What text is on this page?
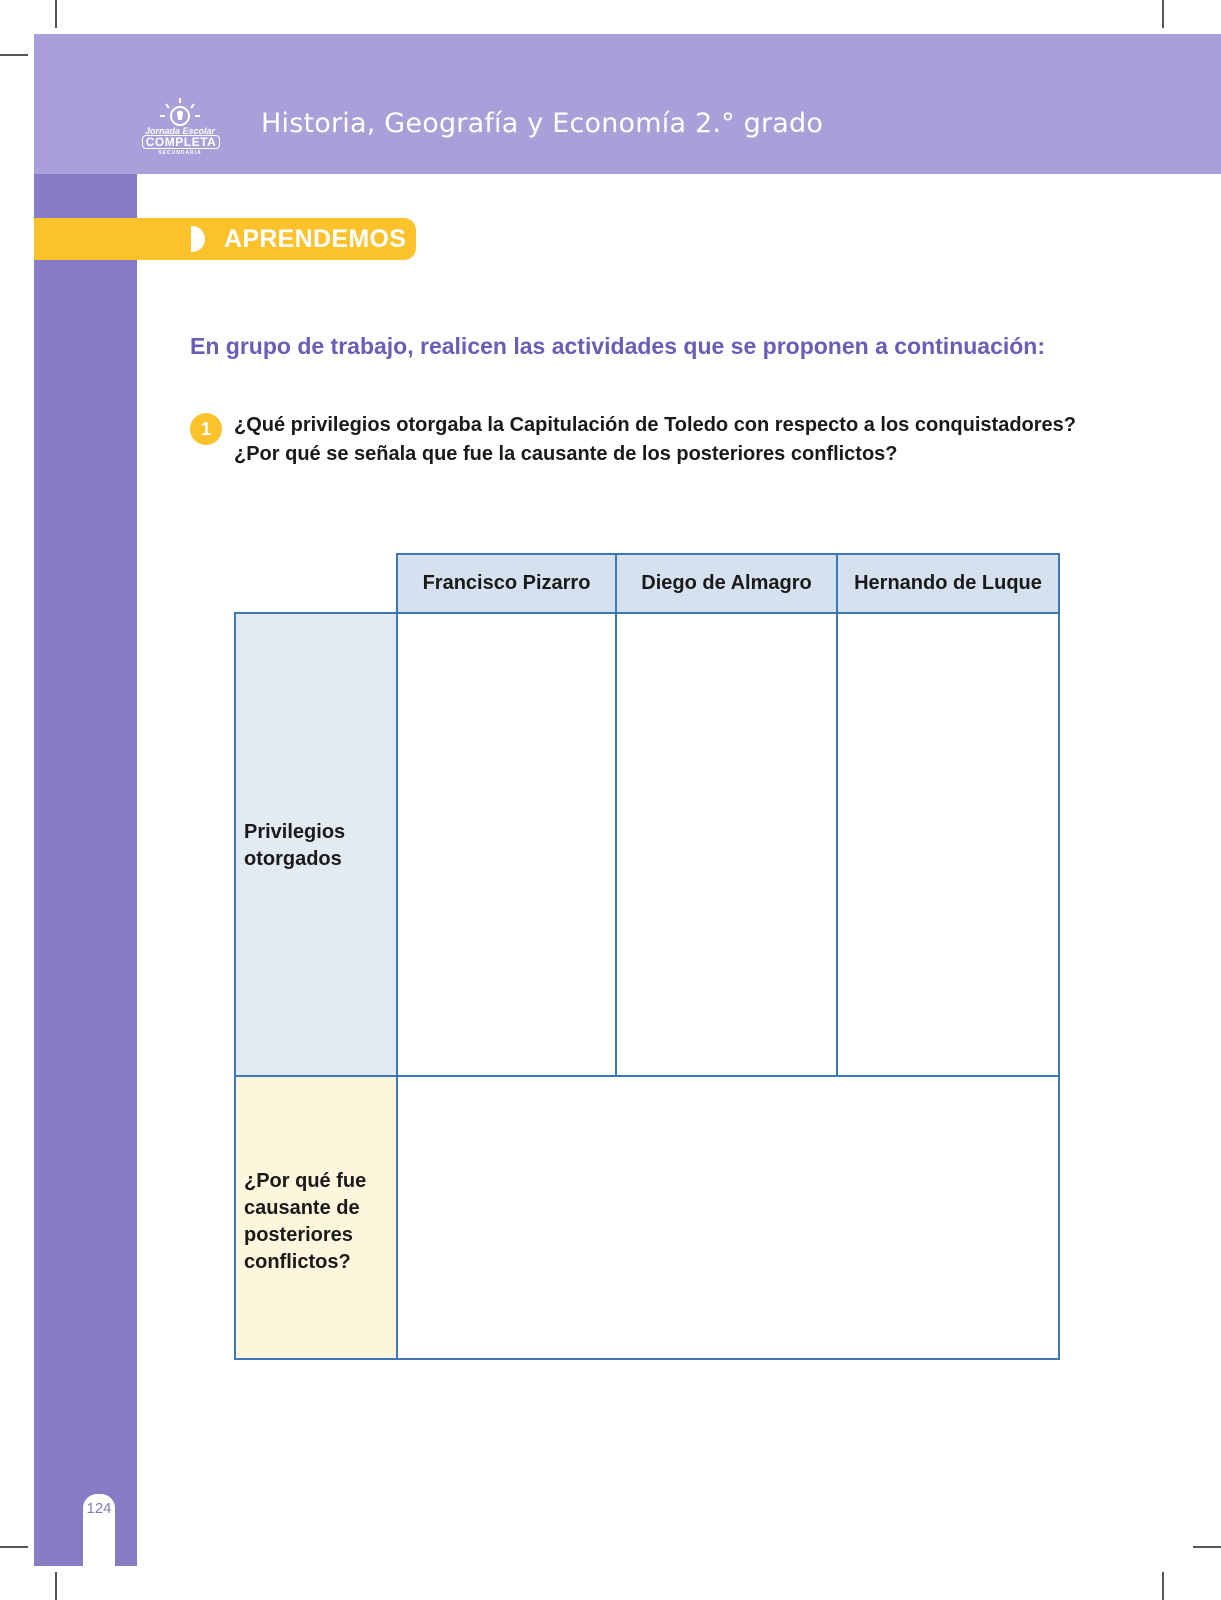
Jornada Escolar
COMPLETA
SECUNDARIA
Historia, Geografía y Economía 2.° grado
APRENDEMOS
En grupo de trabajo, realicen las actividades que se proponen a continuación:
1	¿Qué privilegios otorgaba la Capitulación de Toledo con respecto a los conquistadores? ¿Por qué se señala que fue la causante de los posteriores conflictos?
Francisco Pizarro	Diego de Almagro	Hernando de Luque
Privilegios otorgados
¿Por qué fue causante de posteriores conflictos?
124
